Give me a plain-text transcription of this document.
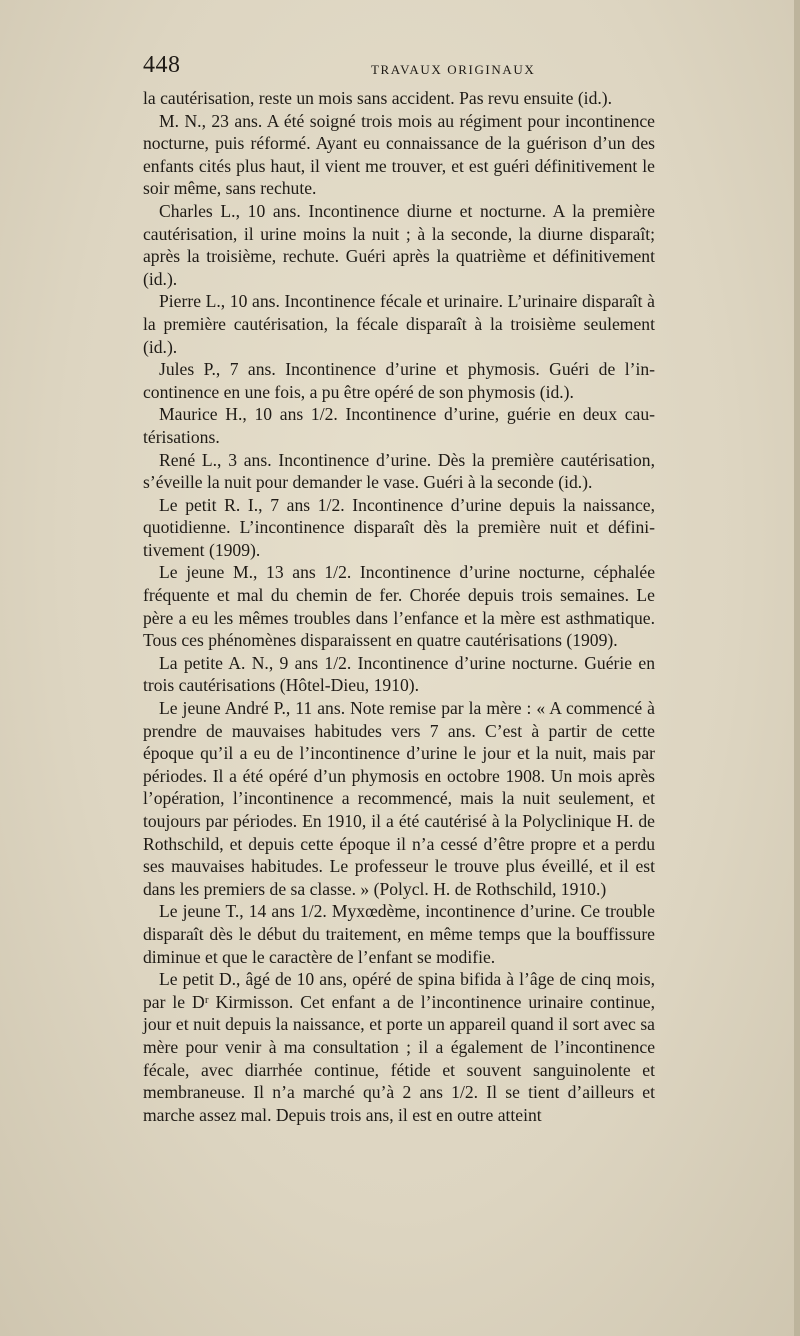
448	TRAVAUX ORIGINAUX

la cautérisation, reste un mois sans accident. Pas revu ensuite (id.).

M. N., 23 ans. A été soigné trois mois au régiment pour incontinence nocturne, puis réformé. Ayant eu connaissance de la guérison d’un des enfants cités plus haut, il vient me trouver, et est guéri définitivement le soir même, sans rechute.

Charles L., 10 ans. Incontinence diurne et nocturne. A la première cautérisation, il urine moins la nuit ; à la seconde, la diurne disparaît; après la troisième, rechute. Guéri après la quatrième et définitivement (id.).

Pierre L., 10 ans. Incontinence fécale et urinaire. L’urinaire disparaît à la première cautérisation, la fécale disparaît à la troisième seulement (id.).

Jules P., 7 ans. Incontinence d’urine et phymosis. Guéri de l’incontinence en une fois, a pu être opéré de son phymosis (id.).

Maurice H., 10 ans 1/2. Incontinence d’urine, guérie en deux cautérisations.

René L., 3 ans. Incontinence d’urine. Dès la première cautérisation, s’éveille la nuit pour demander le vase. Guéri à la seconde (id.).

Le petit R. I., 7 ans 1/2. Incontinence d’urine depuis la naissance, quotidienne. L’incontinence disparaît dès la première nuit et définitivement (1909).

Le jeune M., 13 ans 1/2. Incontinence d’urine nocturne, céphalée fréquente et mal du chemin de fer. Chorée depuis trois semaines. Le père a eu les mêmes troubles dans l’enfance et la mère est asthmatique. Tous ces phénomènes disparaissent en quatre cautérisations (1909).

La petite A. N., 9 ans 1/2. Incontinence d’urine nocturne. Guérie en trois cautérisations (Hôtel-Dieu, 1910).

Le jeune André P., 11 ans. Note remise par la mère : « A commencé à prendre de mauvaises habitudes vers 7 ans. C’est à partir de cette époque qu’il a eu de l’incontinence d’urine le jour et la nuit, mais par périodes. Il a été opéré d’un phymosis en octobre 1908. Un mois après l’opération, l’incontinence a recommencé, mais la nuit seulement, et toujours par périodes. En 1910, il a été cautérisé à la Polyclinique H. de Rothschild, et depuis cette époque il n’a cessé d’être propre et a perdu ses mauvaises habitudes. Le professeur le trouve plus éveillé, et il est dans les premiers de sa classe. » (Polycl. H. de Rothschild, 1910.)

Le jeune T., 14 ans 1/2. Myxœdème, incontinence d’urine. Ce trouble disparaît dès le début du traitement, en même temps que la bouffissure diminue et que le caractère de l’enfant se modifie.

Le petit D., âgé de 10 ans, opéré de spina bifida à l’âge de cinq mois, par le Dʳ Kirmisson. Cet enfant a de l’incontinence urinaire continue, jour et nuit depuis la naissance, et porte un appareil quand il sort avec sa mère pour venir à ma consultation ; il a également de l’incontinence fécale, avec diarrhée continue, fétide et souvent sanguinolente et membraneuse. Il n’a marché qu’à 2 ans 1/2. Il se tient d’ailleurs et marche assez mal. Depuis trois ans, il est en outre atteint
